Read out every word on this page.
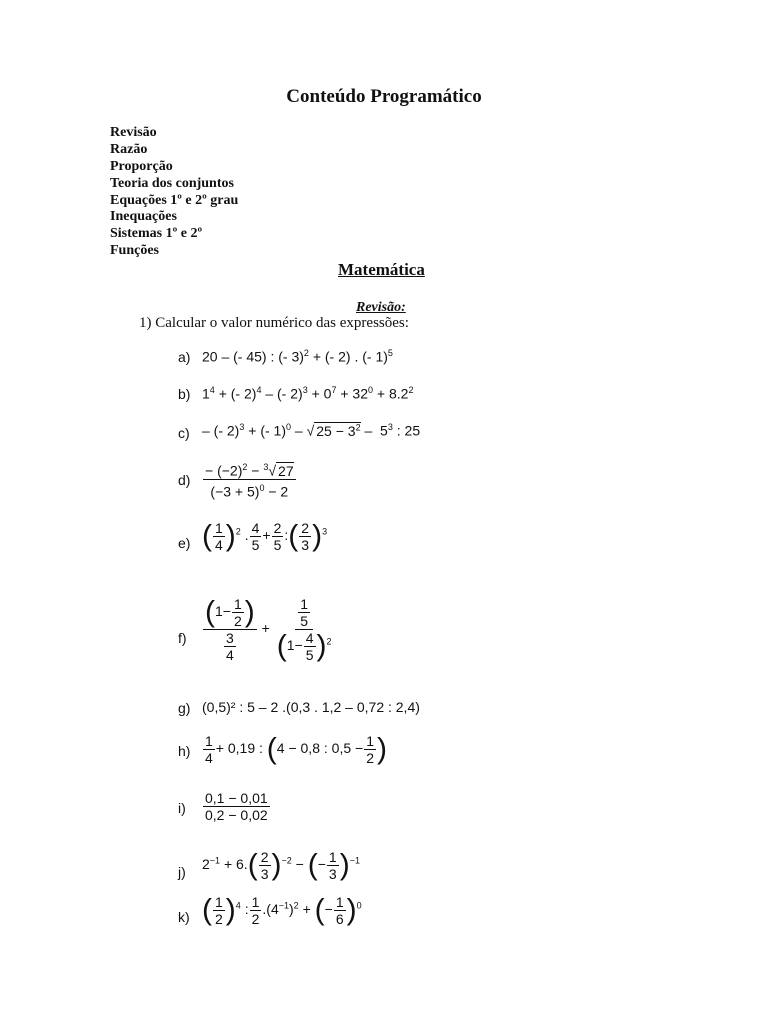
Conteúdo Programático
Revisão
Razão
Proporção
Teoria dos conjuntos
Equações 1º e 2º grau
Inequações
Sistemas 1º e 2º
Funções
Matemática
Revisão:
1) Calcular o valor numérico das expressões:
a) 20 – (- 45) : (- 3)$^2$ + (- 2) . (- 1)$^5$
b) $1^4$ + (- 2)$^4$ – (- $2)^3 + 0^7 + 32^0 + 8.2^2$
c) – (- 2)$^3$ + (- 1)$^0$ – √ $25 - 3^2 - 5^3$ : 25
$d) \frac{- (-2)^2 - ^3√ 27}{(-3 + 5)^0 - 2}$
e) ( $\frac{1}{4} )^2$ . $\frac{4}{5} + \frac{2}{5}$ :( $\frac{2}{3} )^3$
$f) \frac{(1- \frac{1}{2} )}{\frac{3}{4}} + \frac{\frac{1}{5}}{(1- \frac{4}{5} )^2}$
g) (0,5)² : 5 – 2 .(0,3 . 1,2 – 0,72 : 2,4)
$h) \frac{1}{4} + 0,19$ : (4 − 0,8 : $0,5 - \frac{1}{2}$ )
$i) \frac{0,1 - 0,01}{0,2 - 0,02}$
j) $2^{-1} + 6.( \frac{2}{3} )^{-2}$ − (− $\frac{1}{3} )^{-1}$
k) ( $\frac{1}{2} )^4$ : $\frac{1}{2} .(4^{-1})^2$ + (− $\frac{1}{6} )^0$
